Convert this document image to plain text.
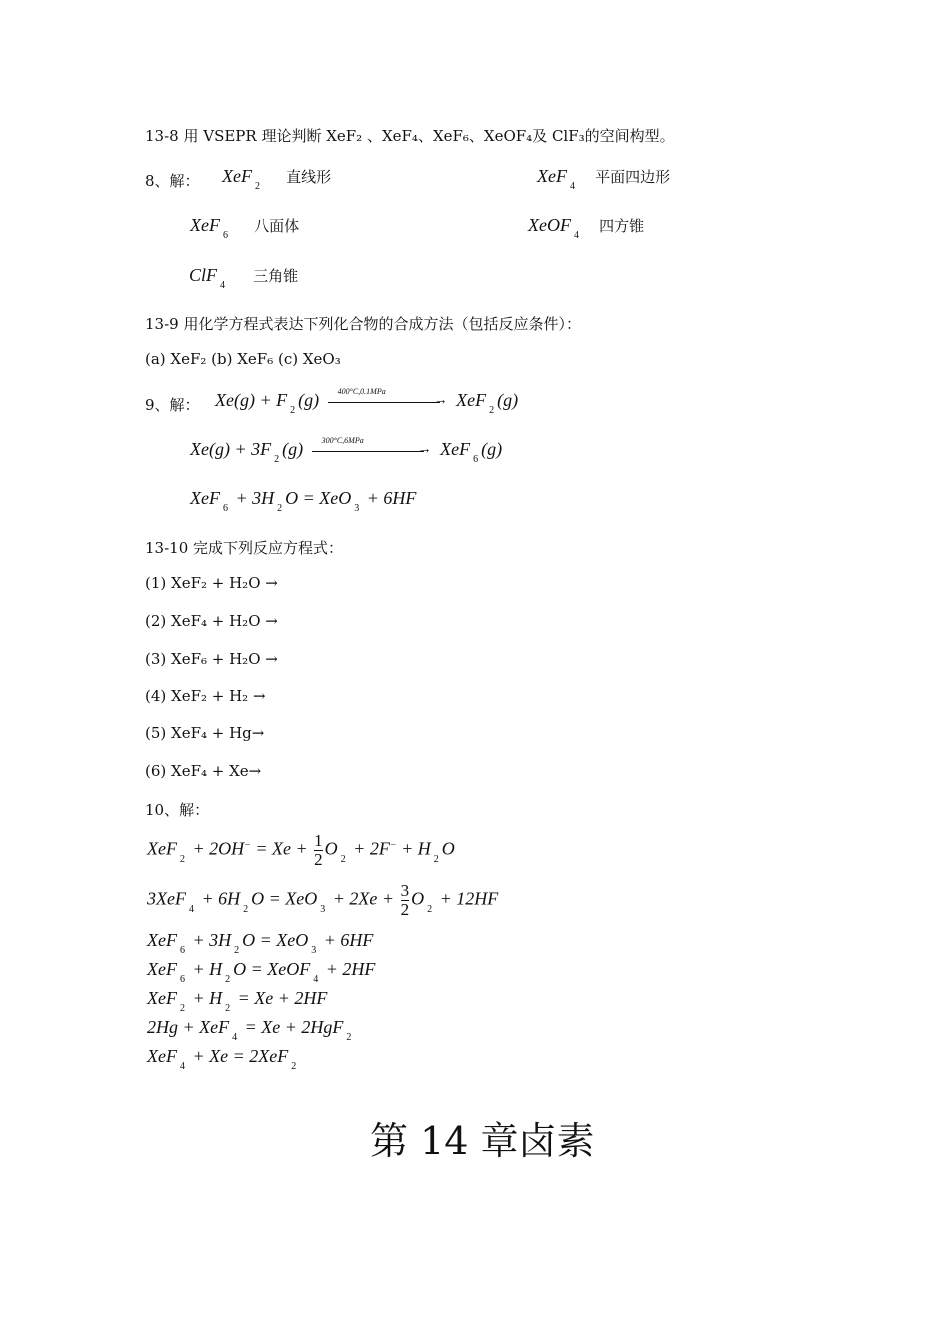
13-8 用 VSEPR 理论判断 XeF₂ 、XeF₄、XeF₆、XeOF₄及 ClF₃的空间构型。
8、解： XeF$_2$ 直线形	XeF$_4$ 平面四边形
XeF$_6$ 八面体	XeOF$_4$ 四方锥
ClF$_4$ 三角锥
13-9 用化学方程式表达下列化合物的合成方法（包括反应条件）：
(a) XeF₂ (b) XeF₆ (c) XeO₃
9、解： $Xe(g) + F_2(g)$ 400°C,0.1MPa
→ XeF$_2$(g)
$Xe(g) + 3F_2(g)$ 300°C,6MPa
→ XeF$_6$(g)
$XeF_6 + 3H_2O = XeO_3 + 6HF$
13-10 完成下列反应方程式：
(1) XeF₂ + H₂O →
(2) XeF₄ + H₂O →
(3) XeF₆ + H₂O →
(4) XeF₂ + H₂ →
(5) XeF₄ + Hg→
(6) XeF₄ + Xe→
10、解：
$XeF_2 + 2OH^- = Xe + \frac{1}{2} O_2 + 2F^- + H_2O$
$3XeF_4 + 6H_2O = XeO_3 + 2Xe + \frac{3}{2} O_2 + 12HF$
$XeF_6 + 3H_2O = XeO_3 + 6HF$
$XeF_6 + H_2O$ = XeOF$_4$ + 2HF
$XeF_2 + H_2 = Xe + 2HF$
2Hg + XeF$_4$ = Xe + 2HgF$_2$
XeF$_4$ + Xe = 2XeF$_2$
第 14 章卤素
